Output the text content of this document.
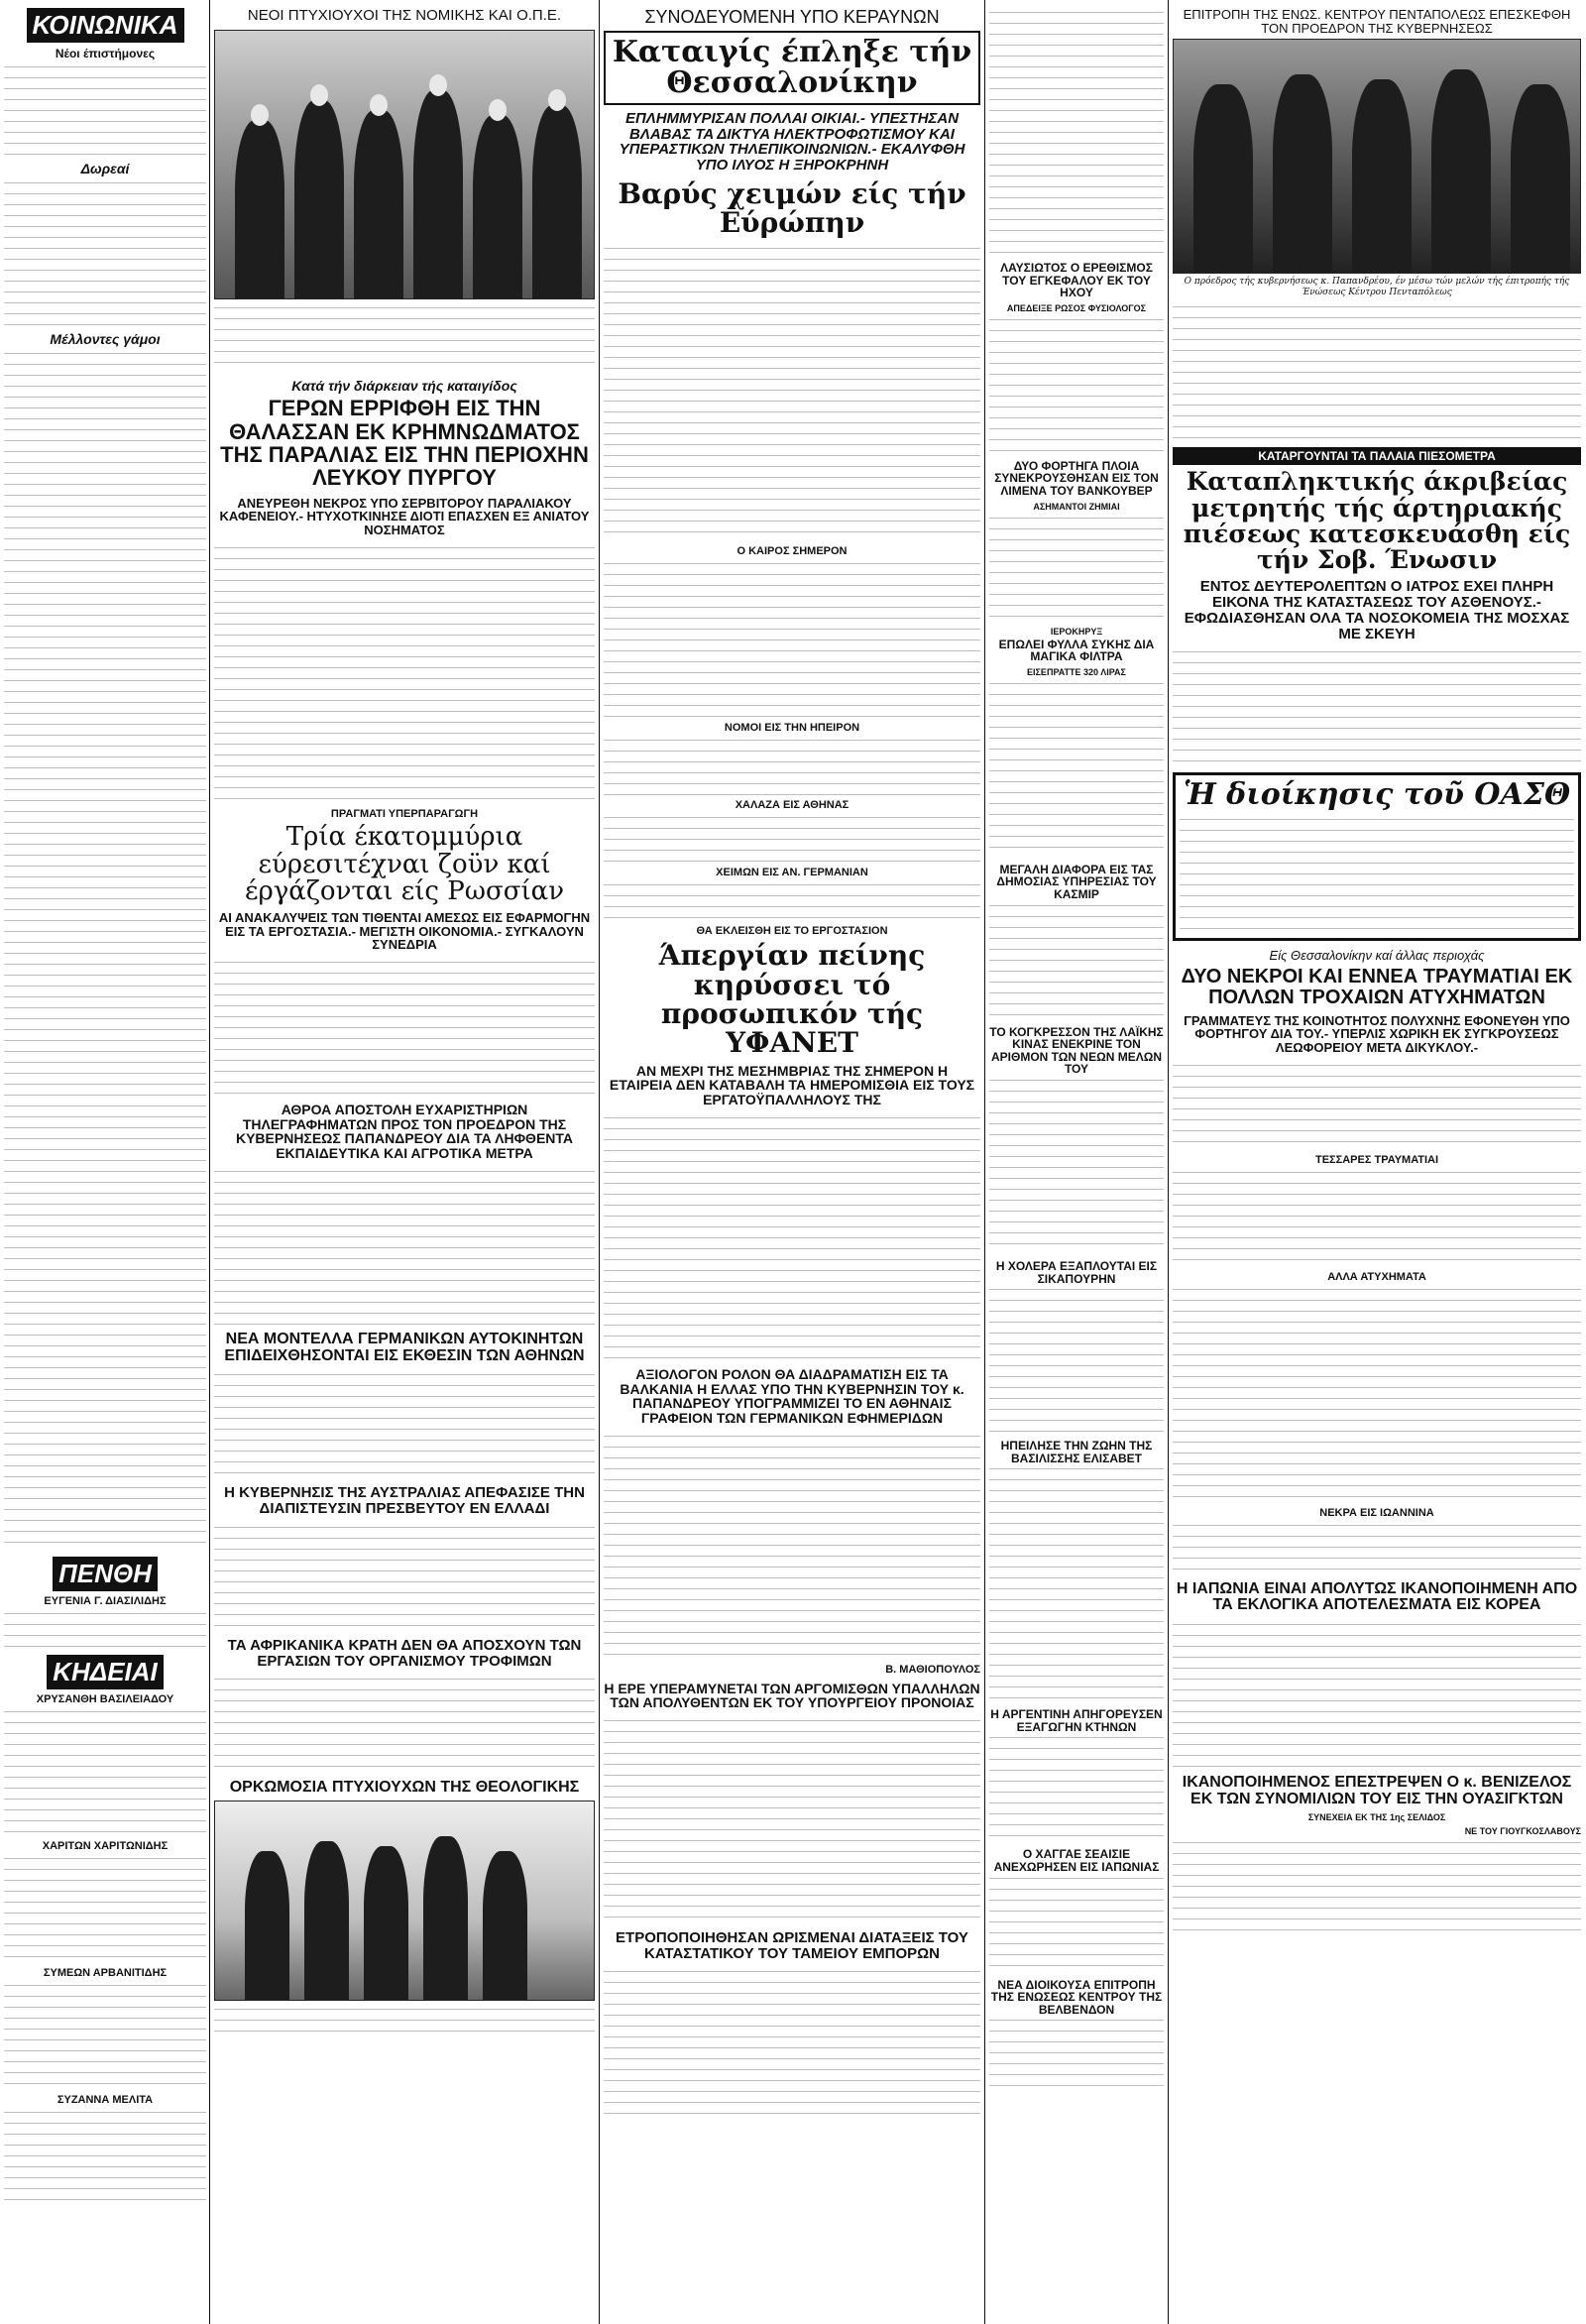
ΚΟΙΝΩΝΙΚΑ

Νέοι έπιστήμονες

Δωρεαί

Μέλλοντες γάμοι

ΠΕΝΘΗ

ΕΥΓΕΝΙΑ Γ. ΔΙΑΣΙΛΙΔΗΣ

ΚΗΔΕΙΑΙ

ΧΡΥΣΑΝΘΗ ΒΑΣΙΛΕΙΑΔΟΥ

ΧΑΡΙΤΩΝ ΧΑΡΙΤΩΝΙΔΗΣ

ΣΥΜΕΩΝ ΑΡΒΑΝΙΤΙΔΗΣ

ΣΥΖΑΝΝΑ ΜΕΛΙΤΑ

ΝΕΟΙ ΠΤΥΧΙΟΥΧΟΙ ΤΗΣ ΝΟΜΙΚΗΣ ΚΑΙ Ο.Π.Ε.

Κατά τήν διάρκειαν τής καταιγίδος

ΓΕΡΩΝ ΕΡΡΙΦΘΗ ΕΙΣ ΤΗΝ ΘΑΛΑΣΣΑΝ ΕΚ ΚΡΗΜΝΩΔΜΑΤΟΣ ΤΗΣ ΠΑΡΑΛΙΑΣ ΕΙΣ ΤΗΝ ΠΕΡΙΟΧΗΝ ΛΕΥΚΟΥ ΠΥΡΓΟΥ

ΑΝΕΥΡΕΘΗ ΝΕΚΡΟΣ ΥΠΟ ΣΕΡΒΙΤΟΡΟΥ ΠΑΡΑΛΙΑΚΟΥ ΚΑΦΕΝΕΙΟΥ.- ΗΤΥΧΟΤΚΙΝΗΣΕ ΔΙΟΤΙ ΕΠΑΣΧΕΝ ΕΞ ΑΝΙΑΤΟΥ ΝΟΣΗΜΑΤΟΣ

ΠΡΑΓΜΑΤΙ ΥΠΕΡΠΑΡΑΓΩΓΗ

Τρία έκατομμύρια εύρεσιτέχναι ζοϋν καί έργάζονται είς Ρωσσίαν

ΑΙ ΑΝΑΚΑΛΥΨΕΙΣ ΤΩΝ ΤΙΘΕΝΤΑΙ ΑΜΕΣΩΣ ΕΙΣ ΕΦΑΡΜΟΓΗΝ ΕΙΣ ΤΑ ΕΡΓΟΣΤΑΣΙΑ.- ΜΕΓΙΣΤΗ ΟΙΚΟΝΟΜΙΑ.- ΣΥΓΚΑΛΟΥΝ ΣΥΝΕΔΡΙΑ

ΑΘΡΟΑ ΑΠΟΣΤΟΛΗ ΕΥΧΑΡΙΣΤΗΡΙΩΝ ΤΗΛΕΓΡΑΦΗΜΑΤΩΝ ΠΡΟΣ ΤΟΝ ΠΡΟΕΔΡΟΝ ΤΗΣ ΚΥΒΕΡΝΗΣΕΩΣ ΠΑΠΑΝΔΡΕΟΥ ΔΙΑ ΤΑ ΛΗΦΘΕΝΤΑ ΕΚΠΑΙΔΕΥΤΙΚΑ ΚΑΙ ΑΓΡΟΤΙΚΑ ΜΕΤΡΑ

ΝΕΑ ΜΟΝΤΕΛΛΑ ΓΕΡΜΑΝΙΚΩΝ ΑΥΤΟΚΙΝΗΤΩΝ ΕΠΙΔΕΙΧΘΗΣΟΝΤΑΙ ΕΙΣ ΕΚΘΕΣΙΝ ΤΩΝ ΑΘΗΝΩΝ

Η ΚΥΒΕΡΝΗΣΙΣ ΤΗΣ ΑΥΣΤΡΑΛΙΑΣ ΑΠΕΦΑΣΙΣΕ ΤΗΝ ΔΙΑΠΙΣΤΕΥΣΙΝ ΠΡΕΣΒΕΥΤΟΥ ΕΝ ΕΛΛΑΔΙ

ΤΑ ΑΦΡΙΚΑΝΙΚΑ ΚΡΑΤΗ ΔΕΝ ΘΑ ΑΠΟΣΧΟΥΝ ΤΩΝ ΕΡΓΑΣΙΩΝ ΤΟΥ ΟΡΓΑΝΙΣΜΟΥ ΤΡΟΦΙΜΩΝ

ΟΡΚΩΜΟΣΙΑ ΠΤΥΧΙΟΥΧΩΝ ΤΗΣ ΘΕΟΛΟΓΙΚΗΣ

ΣΥΝΟΔΕΥΟΜΕΝΗ ΥΠΟ ΚΕΡΑΥΝΩΝ

Καταιγίς έπληξε τήν Θεσσαλονίκην

ΕΠΛΗΜΜΥΡΙΣΑΝ ΠΟΛΛΑΙ ΟΙΚΙΑΙ.- ΥΠΕΣΤΗΣΑΝ ΒΛΑΒΑΣ ΤΑ ΔΙΚΤΥΑ ΗΛΕΚΤΡΟΦΩΤΙΣΜΟΥ ΚΑΙ ΥΠΕΡΑΣΤΙΚΩΝ ΤΗΛΕΠΙΚΟΙΝΩΝΙΩΝ.- ΕΚΑΛΥΦΘΗ ΥΠΟ ΙΛΥΟΣ Η ΞΗΡΟΚΡΗΝΗ

Βαρύς χειμών είς τήν Εύρώπην

Ο ΚΑΙΡΟΣ ΣΗΜΕΡΟΝ

ΝΟΜΟΙ ΕΙΣ ΤΗΝ ΗΠΕΙΡΟΝ

ΧΑΛΑΖΑ ΕΙΣ ΑΘΗΝΑΣ

ΧΕΙΜΩΝ ΕΙΣ ΑΝ. ΓΕΡΜΑΝΙΑΝ

ΘΑ ΕΚΛΕΙΣΘΗ ΕΙΣ ΤΟ ΕΡΓΟΣΤΑΣΙΟΝ

Άπεργίαν πείνης κηρύσσει τό προσωπικόν τής ΥΦΑΝΕΤ

ΑΝ ΜΕΧΡΙ ΤΗΣ ΜΕΣΗΜΒΡΙΑΣ ΤΗΣ ΣΗΜΕΡΟΝ Η ΕΤΑΙΡΕΙΑ ΔΕΝ ΚΑΤΑΒΑΛΗ ΤΑ ΗΜΕΡΟΜΙΣΘΙΑ ΕΙΣ ΤΟΥΣ ΕΡΓΑΤΟΫΠΑΛΛΗΛΟΥΣ ΤΗΣ

ΑΞΙΟΛΟΓΟΝ ΡΟΛΟΝ ΘΑ ΔΙΑΔΡΑΜΑΤΙΣΗ ΕΙΣ ΤΑ ΒΑΛΚΑΝΙΑ Η ΕΛΛΑΣ ΥΠΟ ΤΗΝ ΚΥΒΕΡΝΗΣΙΝ ΤΟΥ κ. ΠΑΠΑΝΔΡΕΟΥ ΥΠΟΓΡΑΜΜΙΖΕΙ ΤΟ ΕΝ ΑΘΗΝΑΙΣ ΓΡΑΦΕΙΟΝ ΤΩΝ ΓΕΡΜΑΝΙΚΩΝ ΕΦΗΜΕΡΙΔΩΝ

Β. ΜΑΘΙΟΠΟΥΛΟΣ

Η ΕΡΕ ΥΠΕΡΑΜΥΝΕΤΑΙ ΤΩΝ ΑΡΓΟΜΙΣΘΩΝ ΥΠΑΛΛΗΛΩΝ ΤΩΝ ΑΠΟΛΥΘΕΝΤΩΝ ΕΚ ΤΟΥ ΥΠΟΥΡΓΕΙΟΥ ΠΡΟΝΟΙΑΣ

ΕΤΡΟΠΟΠΟΙΗΘΗΣΑΝ ΩΡΙΣΜΕΝΑΙ ΔΙΑΤΑΞΕΙΣ ΤΟΥ ΚΑΤΑΣΤΑΤΙΚΟΥ ΤΟΥ ΤΑΜΕΙΟΥ ΕΜΠΟΡΩΝ

ΛΑΥΣΙΩΤΟΣ Ο ΕΡΕΘΙΣΜΟΣ ΤΟΥ ΕΓΚΕΦΑΛΟΥ ΕΚ ΤΟΥ ΗΧΟΥ

ΑΠΕΔΕΙΞΕ ΡΩΣΟΣ ΦΥΣΙΟΛΟΓΟΣ

ΔΥΟ ΦΟΡΤΗΓΑ ΠΛΟΙΑ ΣΥΝΕΚΡΟΥΣΘΗΣΑΝ ΕΙΣ ΤΟΝ ΛΙΜΕΝΑ ΤΟΥ ΒΑΝΚΟΥΒΕΡ

ΑΣΗΜΑΝΤΟΙ ΖΗΜΙΑΙ

ΙΕΡΟΚΗΡΥΞ

ΕΠΩΛΕΙ ΦΥΛΛΑ ΣΥΚΗΣ ΔΙΑ ΜΑΓΙΚΑ ΦΙΛΤΡΑ

ΕΙΣΕΠΡΑΤΤΕ 320 ΛΙΡΑΣ

ΜΕΓΑΛΗ ΔΙΑΦΟΡΑ ΕΙΣ ΤΑΣ ΔΗΜΟΣΙΑΣ ΥΠΗΡΕΣΙΑΣ ΤΟΥ ΚΑΣΜΙΡ

ΤΟ ΚΟΓΚΡΕΣΣΟΝ ΤΗΣ ΛΑΪΚΗΣ ΚΙΝΑΣ ΕΝΕΚΡΙΝΕ ΤΟΝ ΑΡΙΘΜΟΝ ΤΩΝ ΝΕΩΝ ΜΕΛΩΝ ΤΟΥ

Η ΧΟΛΕΡΑ ΕΞΑΠΛΟΥΤΑΙ ΕΙΣ ΣΙΚΑΠΟΥΡΗΝ

ΗΠΕΙΛΗΣΕ ΤΗΝ ΖΩΗΝ ΤΗΣ ΒΑΣΙΛΙΣΣΗΣ ΕΛΙΣΑΒΕΤ

Η ΑΡΓΕΝΤΙΝΗ ΑΠΗΓΟΡΕΥΣΕΝ ΕΞΑΓΩΓΗΝ ΚΤΗΝΩΝ

Ο ΧΑΓΓΑΕ ΣΕΑΙΣΙΕ ΑΝΕΧΩΡΗΣΕΝ ΕΙΣ ΙΑΠΩΝΙΑΣ

ΝΕΑ ΔΙΟΙΚΟΥΣΑ ΕΠΙΤΡΟΠΗ ΤΗΣ ΕΝΩΣΕΩΣ ΚΕΝΤΡΟΥ ΤΗΣ ΒΕΛΒΕΝΔΟΝ

ΕΠΙΤΡΟΠΗ ΤΗΣ ΕΝΩΣ. ΚΕΝΤΡΟΥ ΠΕΝΤΑΠΟΛΕΩΣ ΕΠΕΣΚΕΦΘΗ ΤΟΝ ΠΡΟΕΔΡΟΝ ΤΗΣ ΚΥΒΕΡΝΗΣΕΩΣ

Ο πρόεδρος τής κυβερνήσεως κ. Παπανδρέου, έν μέσω τών μελών τής έπιτροπής τής Ένώσεως Κέντρου Πενταπόλεως

ΚΑΤΑΡΓΟΥΝΤΑΙ ΤΑ ΠΑΛΑΙΑ ΠΙΕΣΟΜΕΤΡΑ

Καταπληκτικής άκριβείας μετρητής τής άρτηριακής πιέσεως κατεσκευάσθη είς τήν Σοβ. Ένωσιν

ΕΝΤΟΣ ΔΕΥΤΕΡΟΛΕΠΤΩΝ Ο ΙΑΤΡΟΣ ΕΧΕΙ ΠΛΗΡΗ ΕΙΚΟΝΑ ΤΗΣ ΚΑΤΑΣΤΑΣΕΩΣ ΤΟΥ ΑΣΘΕΝΟΥΣ.- ΕΦΩΔΙΑΣΘΗΣΑΝ ΟΛΑ ΤΑ ΝΟΣΟΚΟΜΕΙΑ ΤΗΣ ΜΟΣΧΑΣ ΜΕ ΣΚΕΥΗ

Ἡ διοίκησις τοῦ ΟΑΣΘ

Είς Θεσσαλονίκην καί άλλας περιοχάς

ΔΥΟ ΝΕΚΡΟΙ ΚΑΙ ΕΝΝΕΑ ΤΡΑΥΜΑΤΙΑΙ ΕΚ ΠΟΛΛΩΝ ΤΡΟΧΑΙΩΝ ΑΤΥΧΗΜΑΤΩΝ

ΓΡΑΜΜΑΤΕΥΣ ΤΗΣ ΚΟΙΝΟΤΗΤΟΣ ΠΟΛΥΧΝΗΣ ΕΦΟΝΕΥΘΗ ΥΠΟ ΦΟΡΤΗΓΟΥ ΔΙΑ ΤΟΥ.- ΥΠΕΡΛΙΣ ΧΩΡΙΚΗ ΕΚ ΣΥΓΚΡΟΥΣΕΩΣ ΛΕΩΦΟΡΕΙΟΥ ΜΕΤΑ ΔΙΚΥΚΛΟΥ.-

ΤΕΣΣΑΡΕΣ ΤΡΑΥΜΑΤΙΑΙ

ΑΛΛΑ ΑΤΥΧΗΜΑΤΑ

ΝΕΚΡΑ ΕΙΣ ΙΩΑΝΝΙΝΑ

Η ΙΑΠΩΝΙΑ ΕΙΝΑΙ ΑΠΟΛΥΤΩΣ ΙΚΑΝΟΠΟΙΗΜΕΝΗ ΑΠΟ ΤΑ ΕΚΛΟΓΙΚΑ ΑΠΟΤΕΛΕΣΜΑΤΑ ΕΙΣ ΚΟΡΕΑ

ΙΚΑΝΟΠΟΙΗΜΕΝΟΣ ΕΠΕΣΤΡΕΨΕΝ Ο κ. ΒΕΝΙΖΕΛΟΣ ΕΚ ΤΩΝ ΣΥΝΟΜΙΛΙΩΝ ΤΟΥ ΕΙΣ ΤΗΝ ΟΥΑΣΙΓΚΤΩΝ

ΣΥΝΕΧΕΙΑ ΕΚ ΤΗΣ 1ης ΣΕΛΙΔΟΣ

ΝΕ ΤΟΥ ΓΙΟΥΓΚΟΣΛΑΒΟΥΣ
